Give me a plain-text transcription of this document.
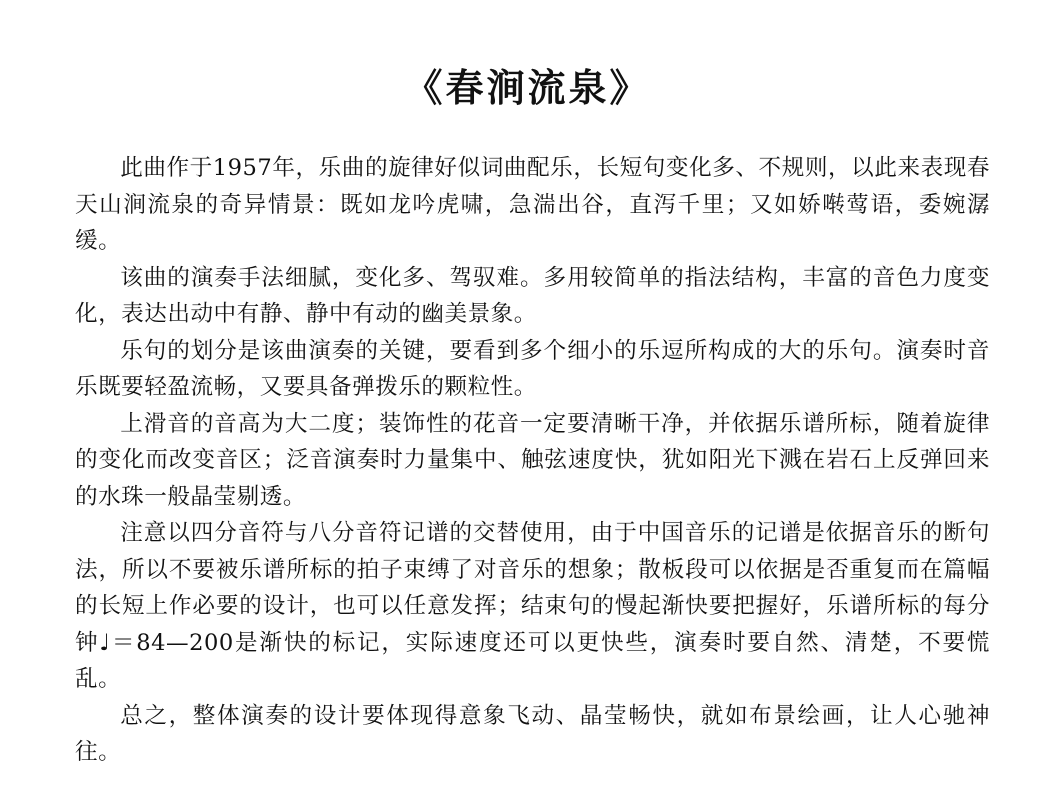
《春涧流泉》

此曲作于1957年，乐曲的旋律好似词曲配乐，长短句变化多、不规则，以此来表现春天山涧流泉的奇异情景：既如龙吟虎啸，急湍出谷，直泻千里；又如娇啭莺语，委婉潺缓。

该曲的演奏手法细腻，变化多、驾驭难。多用较简单的指法结构，丰富的音色力度变化，表达出动中有静、静中有动的幽美景象。

乐句的划分是该曲演奏的关键，要看到多个细小的乐逗所构成的大的乐句。演奏时音乐既要轻盈流畅，又要具备弹拨乐的颗粒性。

上滑音的音高为大二度；装饰性的花音一定要清晰干净，并依据乐谱所标，随着旋律的变化而改变音区；泛音演奏时力量集中、触弦速度快，犹如阳光下溅在岩石上反弹回来的水珠一般晶莹剔透。

注意以四分音符与八分音符记谱的交替使用，由于中国音乐的记谱是依据音乐的断句法，所以不要被乐谱所标的拍子束缚了对音乐的想象；散板段可以依据是否重复而在篇幅的长短上作必要的设计，也可以任意发挥；结束句的慢起渐快要把握好，乐谱所标的每分钟♩＝84—200是渐快的标记，实际速度还可以更快些，演奏时要自然、清楚，不要慌乱。

总之，整体演奏的设计要体现得意象飞动、晶莹畅快，就如布景绘画，让人心驰神往。
